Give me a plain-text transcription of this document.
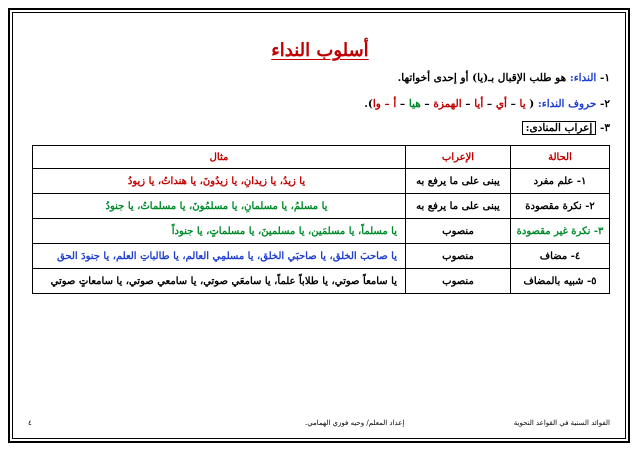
أسلوب النداء
١- النداء: هو طلب الإقبال بـ(يا) أو إحدى أخواتها.
٢- حروف النداء: ( يا – أي – أيا – الهمزة – هيا – أ – وا).
٣- إعراب المنادى:
الحالة	الإعراب	مثال
١- علم مفرد	يبنى على ما يرفع به	يا زيدُ، يا زيدانِ، يا زيدُونَ، يا هنداتُ، يا زيودُ
٢- نكرة مقصودة	يبنى على ما يرفع به	يا مسلمُ، يا مسلمانِ، يا مسلمُونَ، يا مسلماتُ، يا جنودُ
٣- نكرة غير مقصودة	منصوب	يا مسلماً، يا مسلمَين، يا مسلمينَ، يا مسلماتٍ، يا جنوداً
٤- مضاف	منصوب	يا صاحبَ الخلق، يا صاحبَي الخلق، يا مسلمِي العالم، يا طالباتِ العلم، يا جنودَ الحق
٥- شبيه بالمضاف	منصوب	يا سامعاً صوتي، يا طلاباً علماً، يا سامعَي صوتي، يا سامعي صوتي، يا سامعاتٍ صوتي
الفوائد السنية في القواعد النحوية
إعداد المعلم/ وحيه فوزي الهمامي.
٤
